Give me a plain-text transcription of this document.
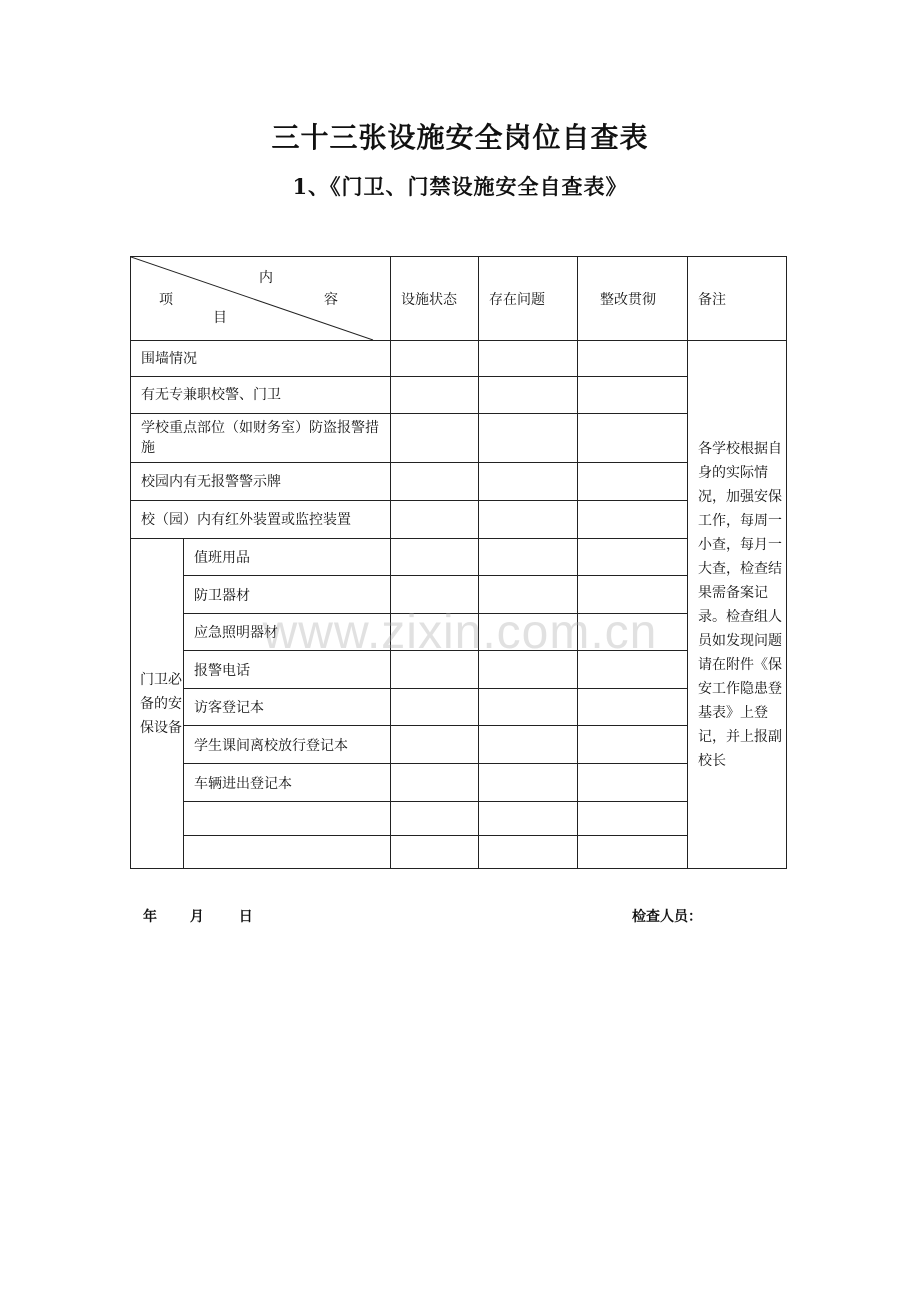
三十三张设施安全岗位自查表
1、《门卫、门禁设施安全自查表》
内
容
项
目		设施状态	存在问题	整改贯彻	备注
围墙情况					各学校根据自身的实际情况，加强安保工作，每周一小查，每月一大查，检查结果需备案记录。检查组人员如发现问题请在附件《保安工作隐患登基表》上登记，并上报副校长
有无专兼职校警、门卫					
学校重点部位（如财务室）防盗报警措施					
校园内有无报警警示牌					
校（园）内有红外装置或监控装置					
门卫必备的安保设备	值班用品				
	防卫器材				
	应急照明器材				
	报警电话				
	访客登记本				
	学生课间离校放行登记本				
	车辆进出登记本				

www.zixin.com.cn
年 月 日	检查人员：
